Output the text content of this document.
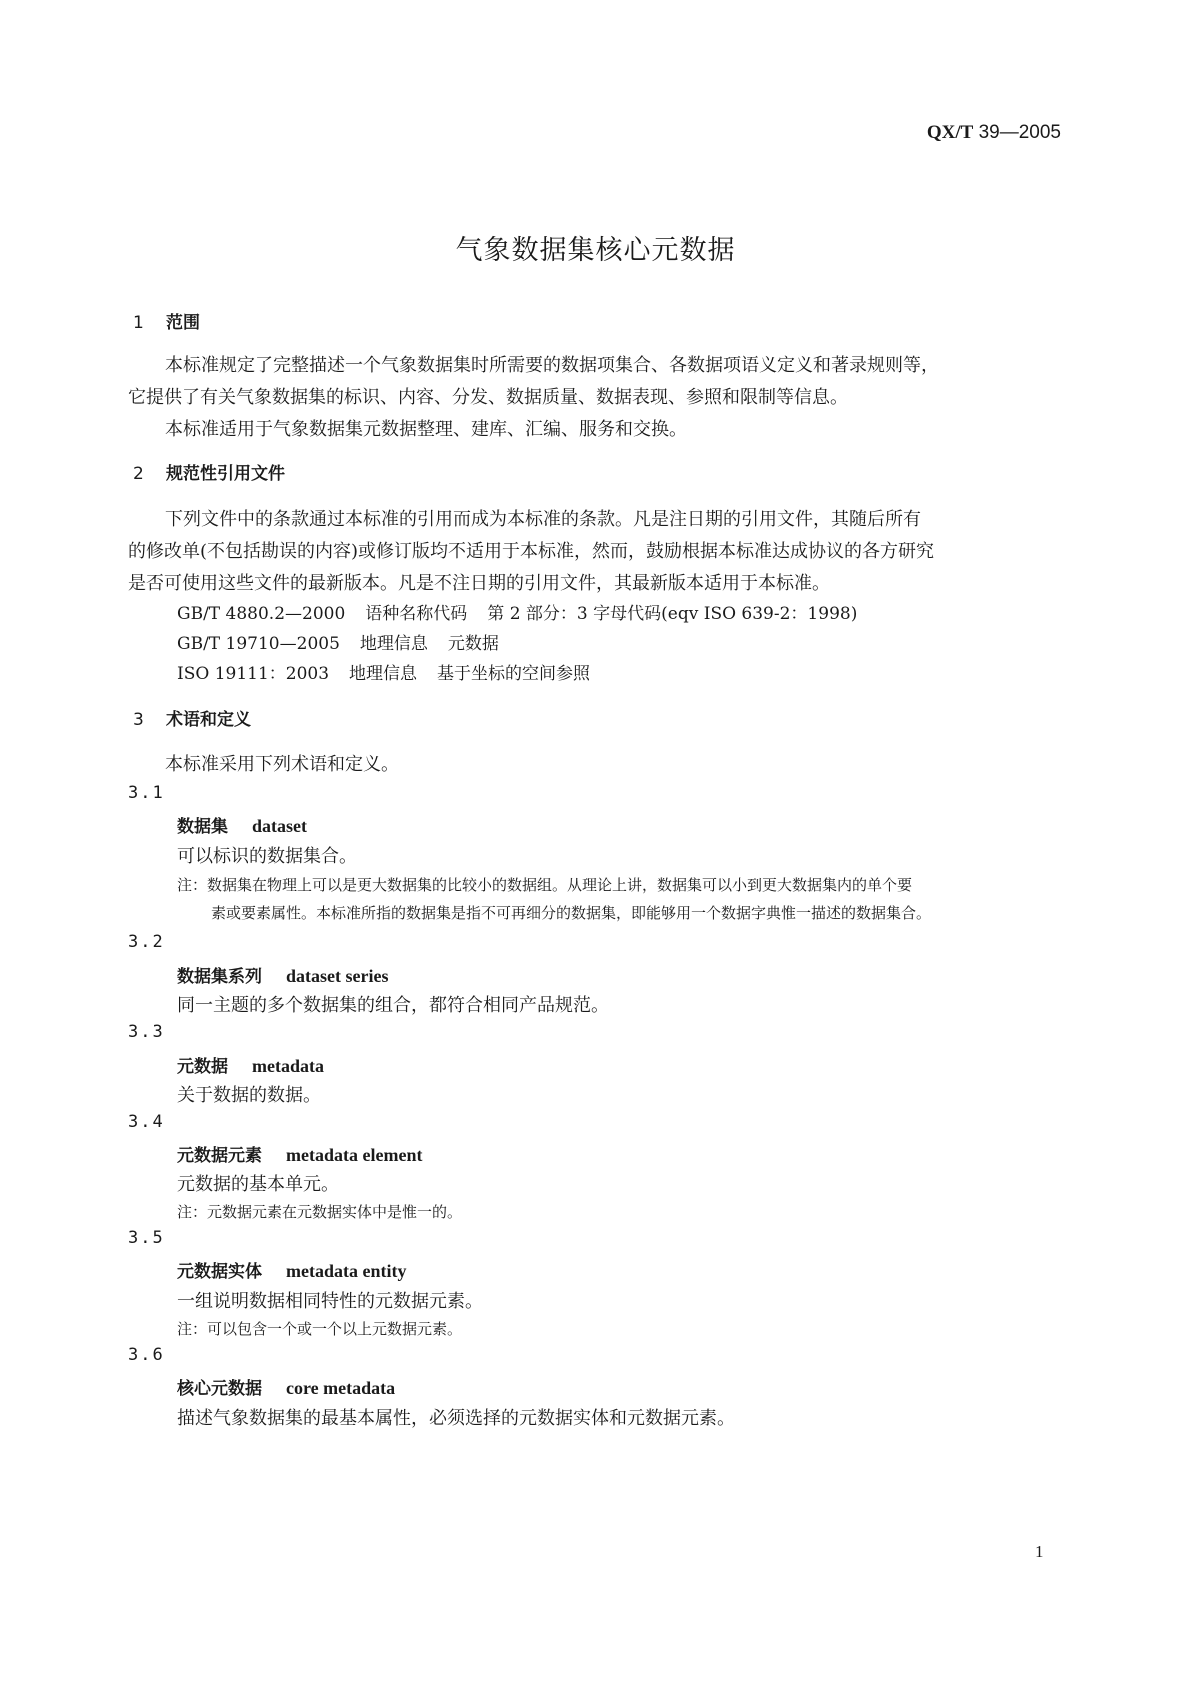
QX/T 39—2005
气象数据集核心元数据
1 范围
本标准规定了完整描述一个气象数据集时所需要的数据项集合、各数据项语义定义和著录规则等，
它提供了有关气象数据集的标识、内容、分发、数据质量、数据表现、参照和限制等信息。
本标准适用于气象数据集元数据整理、建库、汇编、服务和交换。
2 规范性引用文件
下列文件中的条款通过本标准的引用而成为本标准的条款。凡是注日期的引用文件，其随后所有
的修改单(不包括勘误的内容)或修订版均不适用于本标准，然而，鼓励根据本标准达成协议的各方研究
是否可使用这些文件的最新版本。凡是不注日期的引用文件，其最新版本适用于本标准。
GB/T 4880.2—2000 语种名称代码 第 2 部分：3 字母代码(eqv ISO 639-2：1998)
GB/T 19710—2005 地理信息 元数据
ISO 19111：2003 地理信息 基于坐标的空间参照
3 术语和定义
本标准采用下列术语和定义。
3.1
数据集 dataset
可以标识的数据集合。
注：数据集在物理上可以是更大数据集的比较小的数据组。从理论上讲，数据集可以小到更大数据集内的单个要
素或要素属性。本标准所指的数据集是指不可再细分的数据集，即能够用一个数据字典惟一描述的数据集合。
3.2
数据集系列 dataset series
同一主题的多个数据集的组合，都符合相同产品规范。
3.3
元数据 metadata
关于数据的数据。
3.4
元数据元素 metadata element
元数据的基本单元。
注：元数据元素在元数据实体中是惟一的。
3.5
元数据实体 metadata entity
一组说明数据相同特性的元数据元素。
注：可以包含一个或一个以上元数据元素。
3.6
核心元数据 core metadata
描述气象数据集的最基本属性，必须选择的元数据实体和元数据元素。
1
